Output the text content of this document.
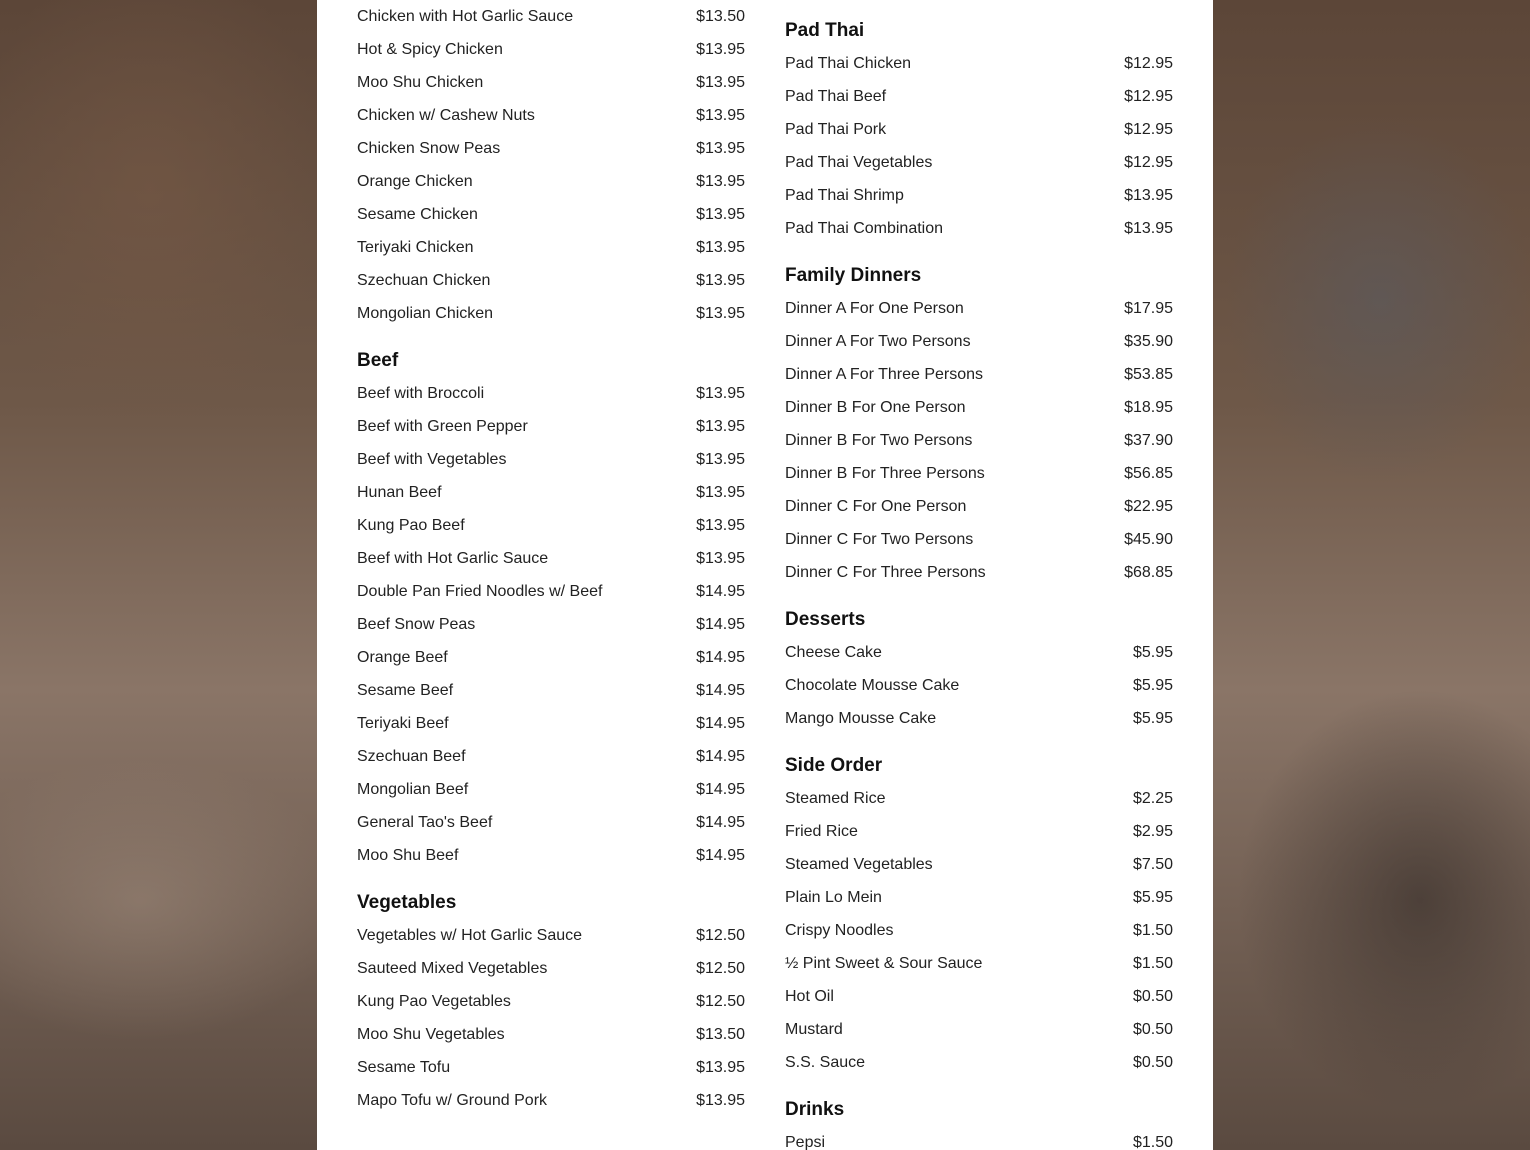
Chicken with Hot Garlic Sauce	$13.50
Hot & Spicy Chicken	$13.95
Moo Shu Chicken	$13.95
Chicken w/ Cashew Nuts	$13.95
Chicken Snow Peas	$13.95
Orange Chicken	$13.95
Sesame Chicken	$13.95
Teriyaki Chicken	$13.95
Szechuan Chicken	$13.95
Mongolian Chicken	$13.95
Beef
Beef with Broccoli	$13.95
Beef with Green Pepper	$13.95
Beef with Vegetables	$13.95
Hunan Beef	$13.95
Kung Pao Beef	$13.95
Beef with Hot Garlic Sauce	$13.95
Double Pan Fried Noodles w/ Beef	$14.95
Beef Snow Peas	$14.95
Orange Beef	$14.95
Sesame Beef	$14.95
Teriyaki Beef	$14.95
Szechuan Beef	$14.95
Mongolian Beef	$14.95
General Tao's Beef	$14.95
Moo Shu Beef	$14.95
Vegetables
Vegetables w/ Hot Garlic Sauce	$12.50
Sauteed Mixed Vegetables	$12.50
Kung Pao Vegetables	$12.50
Moo Shu Vegetables	$13.50
Sesame Tofu	$13.95
Mapo Tofu w/ Ground Pork	$13.95
Pad Thai
Pad Thai Chicken	$12.95
Pad Thai Beef	$12.95
Pad Thai Pork	$12.95
Pad Thai Vegetables	$12.95
Pad Thai Shrimp	$13.95
Pad Thai Combination	$13.95
Family Dinners
Dinner A For One Person	$17.95
Dinner A For Two Persons	$35.90
Dinner A For Three Persons	$53.85
Dinner B For One Person	$18.95
Dinner B For Two Persons	$37.90
Dinner B For Three Persons	$56.85
Dinner C For One Person	$22.95
Dinner C For Two Persons	$45.90
Dinner C For Three Persons	$68.85
Desserts
Cheese Cake	$5.95
Chocolate Mousse Cake	$5.95
Mango Mousse Cake	$5.95
Side Order
Steamed Rice	$2.25
Fried Rice	$2.95
Steamed Vegetables	$7.50
Plain Lo Mein	$5.95
Crispy Noodles	$1.50
½ Pint Sweet & Sour Sauce	$1.50
Hot Oil	$0.50
Mustard	$0.50
S.S. Sauce	$0.50
Drinks
Pepsi	$1.50
